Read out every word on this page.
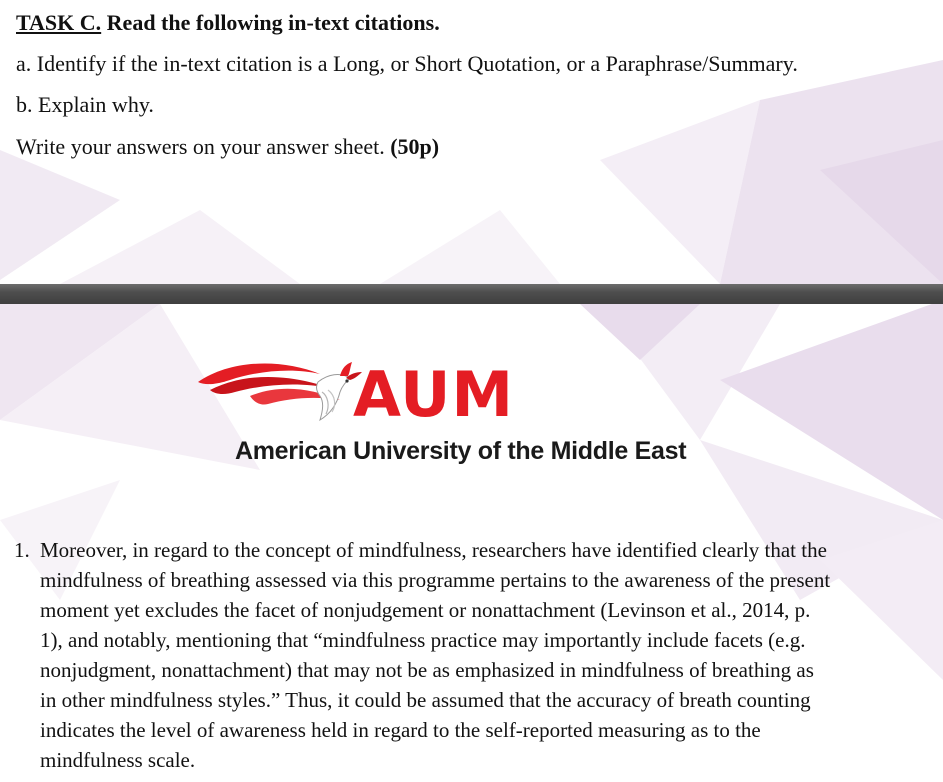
TASK C. Read the following in-text citations.
a. Identify if the in-text citation is a Long, or Short Quotation, or a Paraphrase/Summary.
b. Explain why.
Write your answers on your answer sheet. (50p)
AUM
American University of the Middle East
1. Moreover, in regard to the concept of mindfulness, researchers have identified clearly that the
mindfulness of breathing assessed via this programme pertains to the awareness of the present
moment yet excludes the facet of nonjudgement or nonattachment (Levinson et al., 2014, p.
1), and notably, mentioning that “mindfulness practice may importantly include facets (e.g.
nonjudgment, nonattachment) that may not be as emphasized in mindfulness of breathing as
in other mindfulness styles.” Thus, it could be assumed that the accuracy of breath counting
indicates the level of awareness held in regard to the self-reported measuring as to the
mindfulness scale.
